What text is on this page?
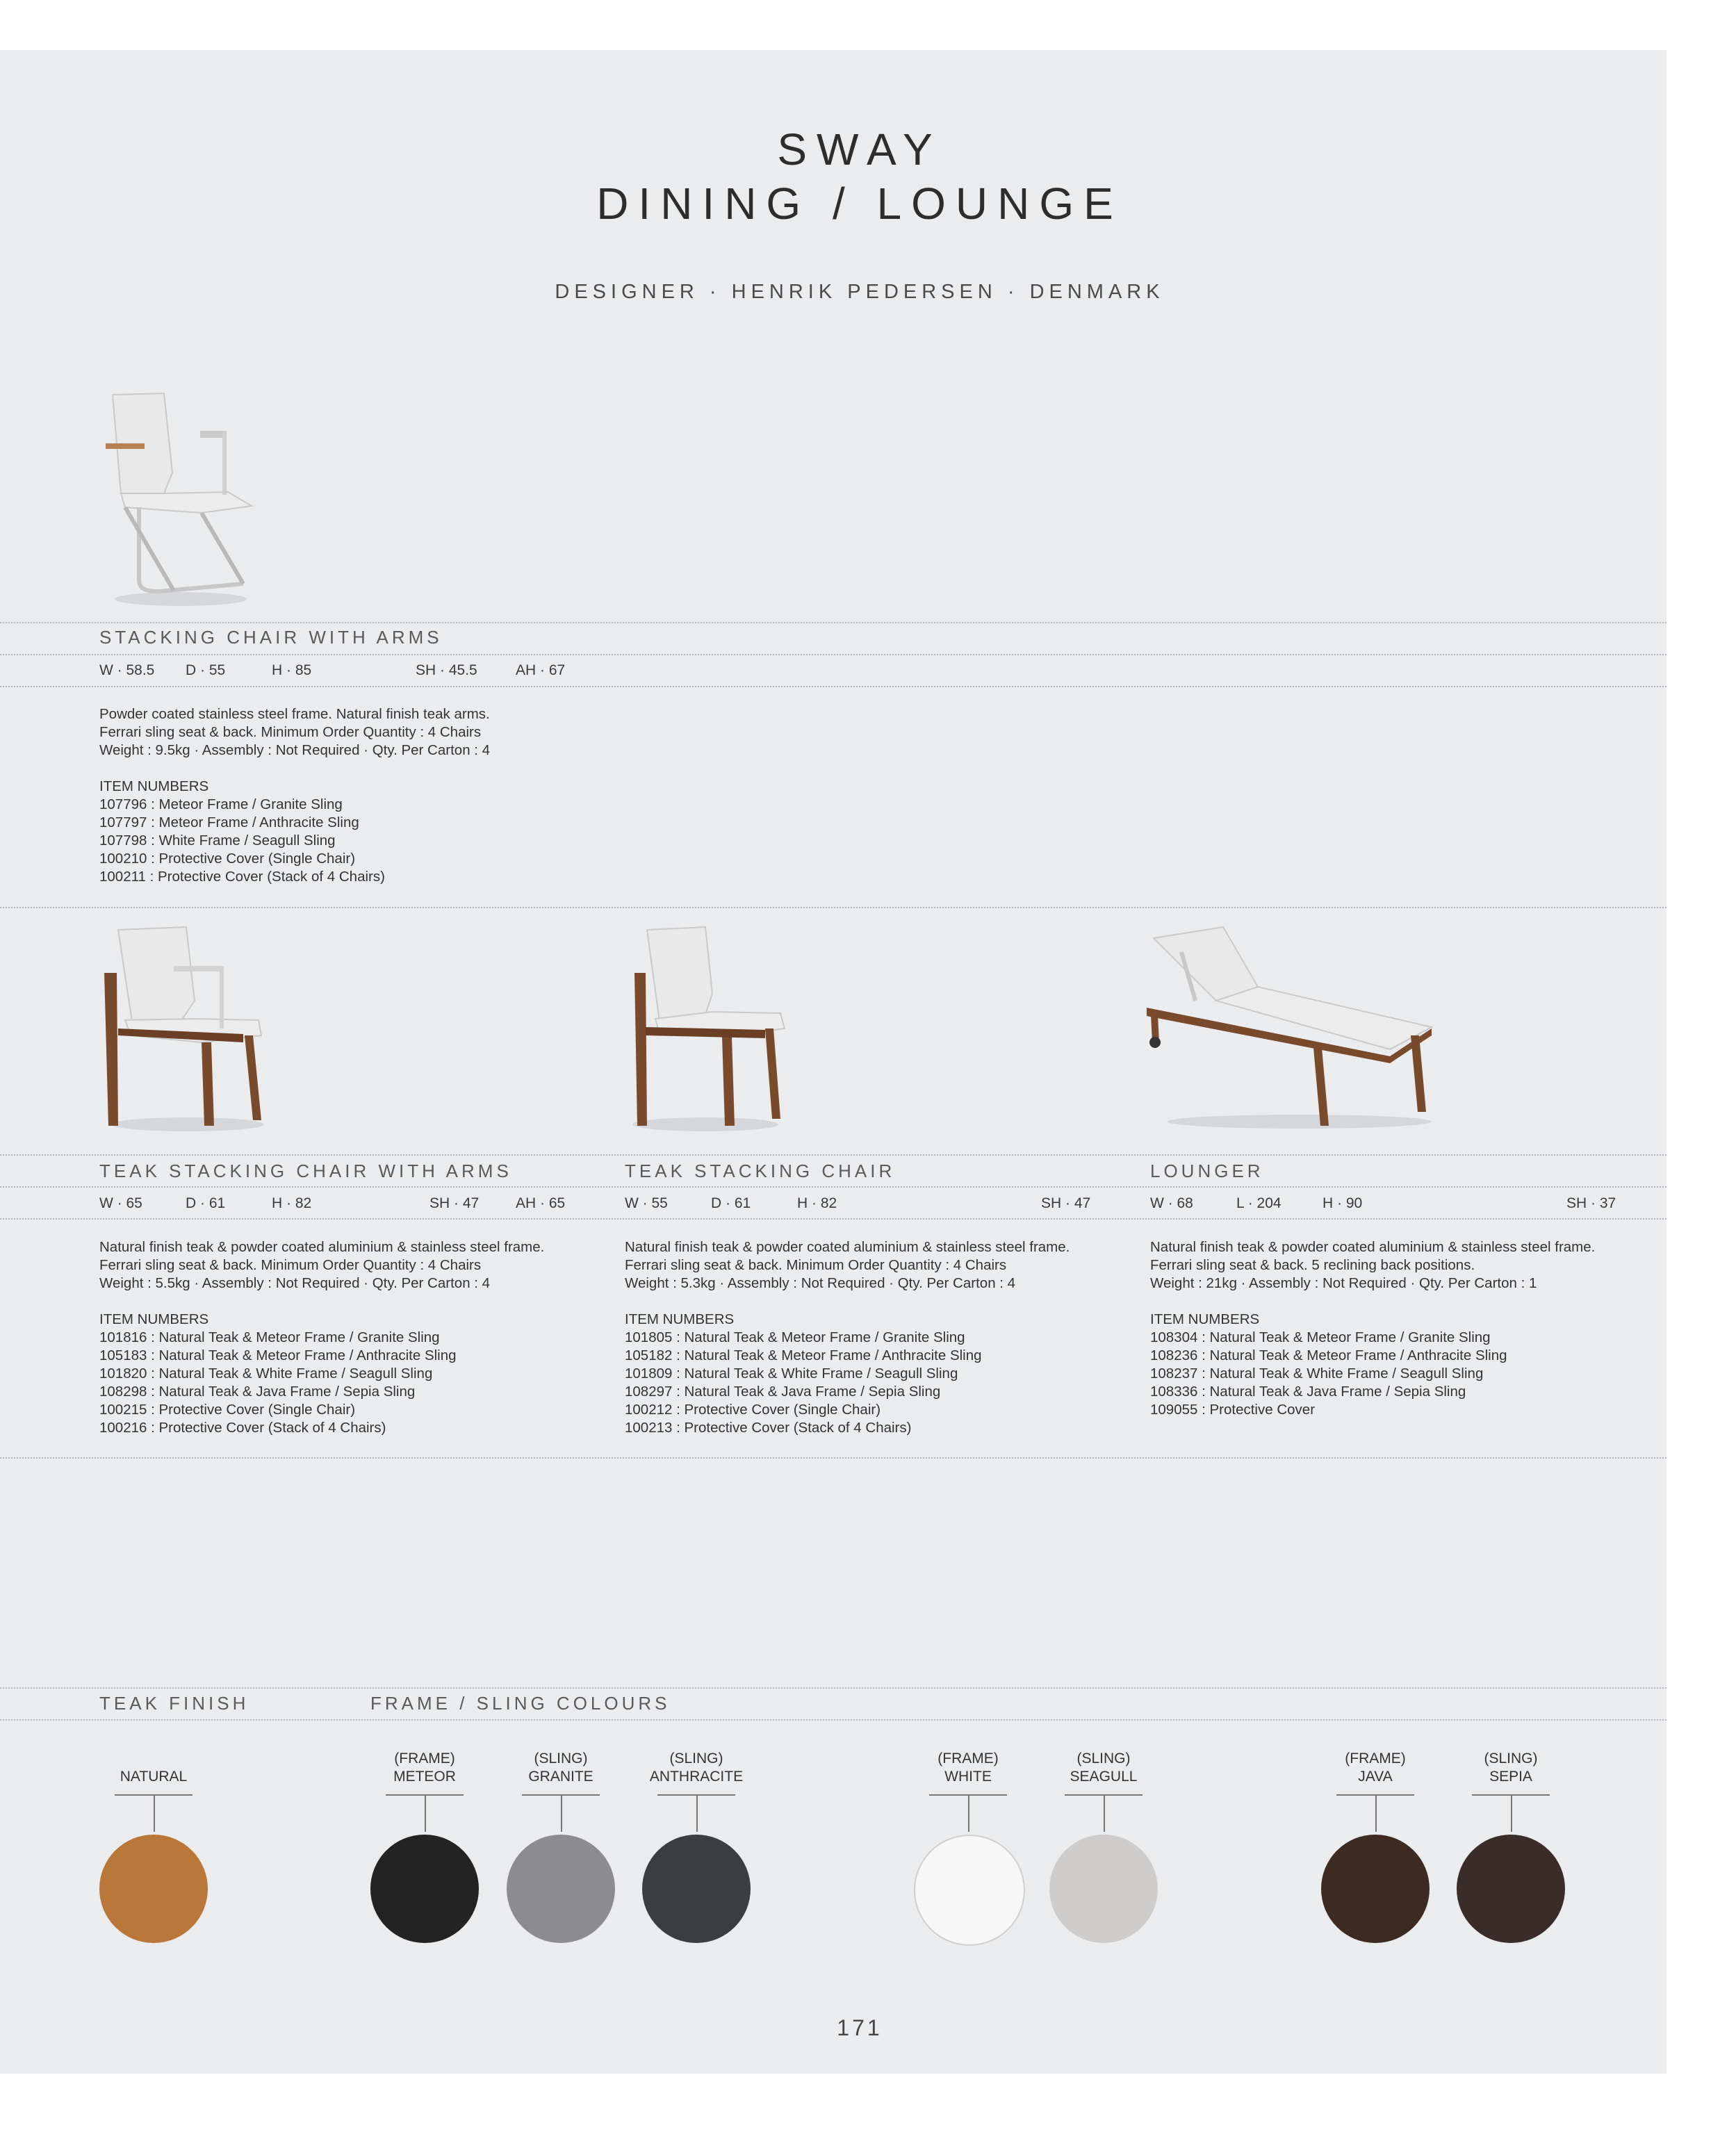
SWAY
DINING / LOUNGE
DESIGNER · HENRIK PEDERSEN · DENMARK
STACKING CHAIR WITH ARMS
W · 58.5 D · 55	H · 85	SH · 45.5	AH · 67

Powder coated stainless steel frame. Natural finish teak arms.

Ferrari sling seat & back. Minimum Order Quantity : 4 Chairs

Weight : 9.5kg · Assembly : Not Required · Qty. Per Carton : 4

ITEM NUMBERS

107796 : Meteor Frame / Granite Sling

107797 : Meteor Frame / Anthracite Sling

107798 : White Frame / Seagull Sling

100210 : Protective Cover (Single Chair)

100211 : Protective Cover (Stack of 4 Chairs)

TEAK STACKING CHAIR WITH ARMS
W · 65	D · 61	H · 82	SH · 47	AH · 65

Natural finish teak & powder coated aluminium & stainless steel frame.

Ferrari sling seat & back. Minimum Order Quantity : 4 Chairs

Weight : 5.5kg · Assembly : Not Required · Qty. Per Carton : 4

ITEM NUMBERS

101816 : Natural Teak & Meteor Frame / Granite Sling

105183 : Natural Teak & Meteor Frame / Anthracite Sling

101820 : Natural Teak & White Frame / Seagull Sling

108298 : Natural Teak & Java Frame / Sepia Sling

100215 : Protective Cover (Single Chair)

100216 : Protective Cover (Stack of 4 Chairs)

TEAK STACKING CHAIR
W · 55	D · 61	H · 82	SH · 47

Natural finish teak & powder coated aluminium & stainless steel frame.

Ferrari sling seat & back. Minimum Order Quantity : 4 Chairs

Weight : 5.3kg · Assembly : Not Required · Qty. Per Carton : 4

ITEM NUMBERS

101805 : Natural Teak & Meteor Frame / Granite Sling

105182 : Natural Teak & Meteor Frame / Anthracite Sling

101809 : Natural Teak & White Frame / Seagull Sling

108297 : Natural Teak & Java Frame / Sepia Sling

100212 : Protective Cover (Single Chair)

100213 : Protective Cover (Stack of 4 Chairs)

LOUNGER
W · 68	L · 204	H · 90	SH · 37

Natural finish teak & powder coated aluminium & stainless steel frame.

Ferrari sling seat & back. 5 reclining back positions.

Weight : 21kg · Assembly : Not Required · Qty. Per Carton : 1

ITEM NUMBERS

108304 : Natural Teak & Meteor Frame / Granite Sling

108236 : Natural Teak & Meteor Frame / Anthracite Sling

108237 : Natural Teak & White Frame / Seagull Sling

108336 : Natural Teak & Java Frame / Sepia Sling

109055 : Protective Cover

TEAK FINISH	FRAME / SLING COLOURS
NATURAL
(FRAME)
METEOR
(SLING)
GRANITE
(SLING)
ANTHRACITE
(FRAME)
WHITE
(SLING)
SEAGULL
(FRAME)
JAVA
(SLING)
SEPIA
171
